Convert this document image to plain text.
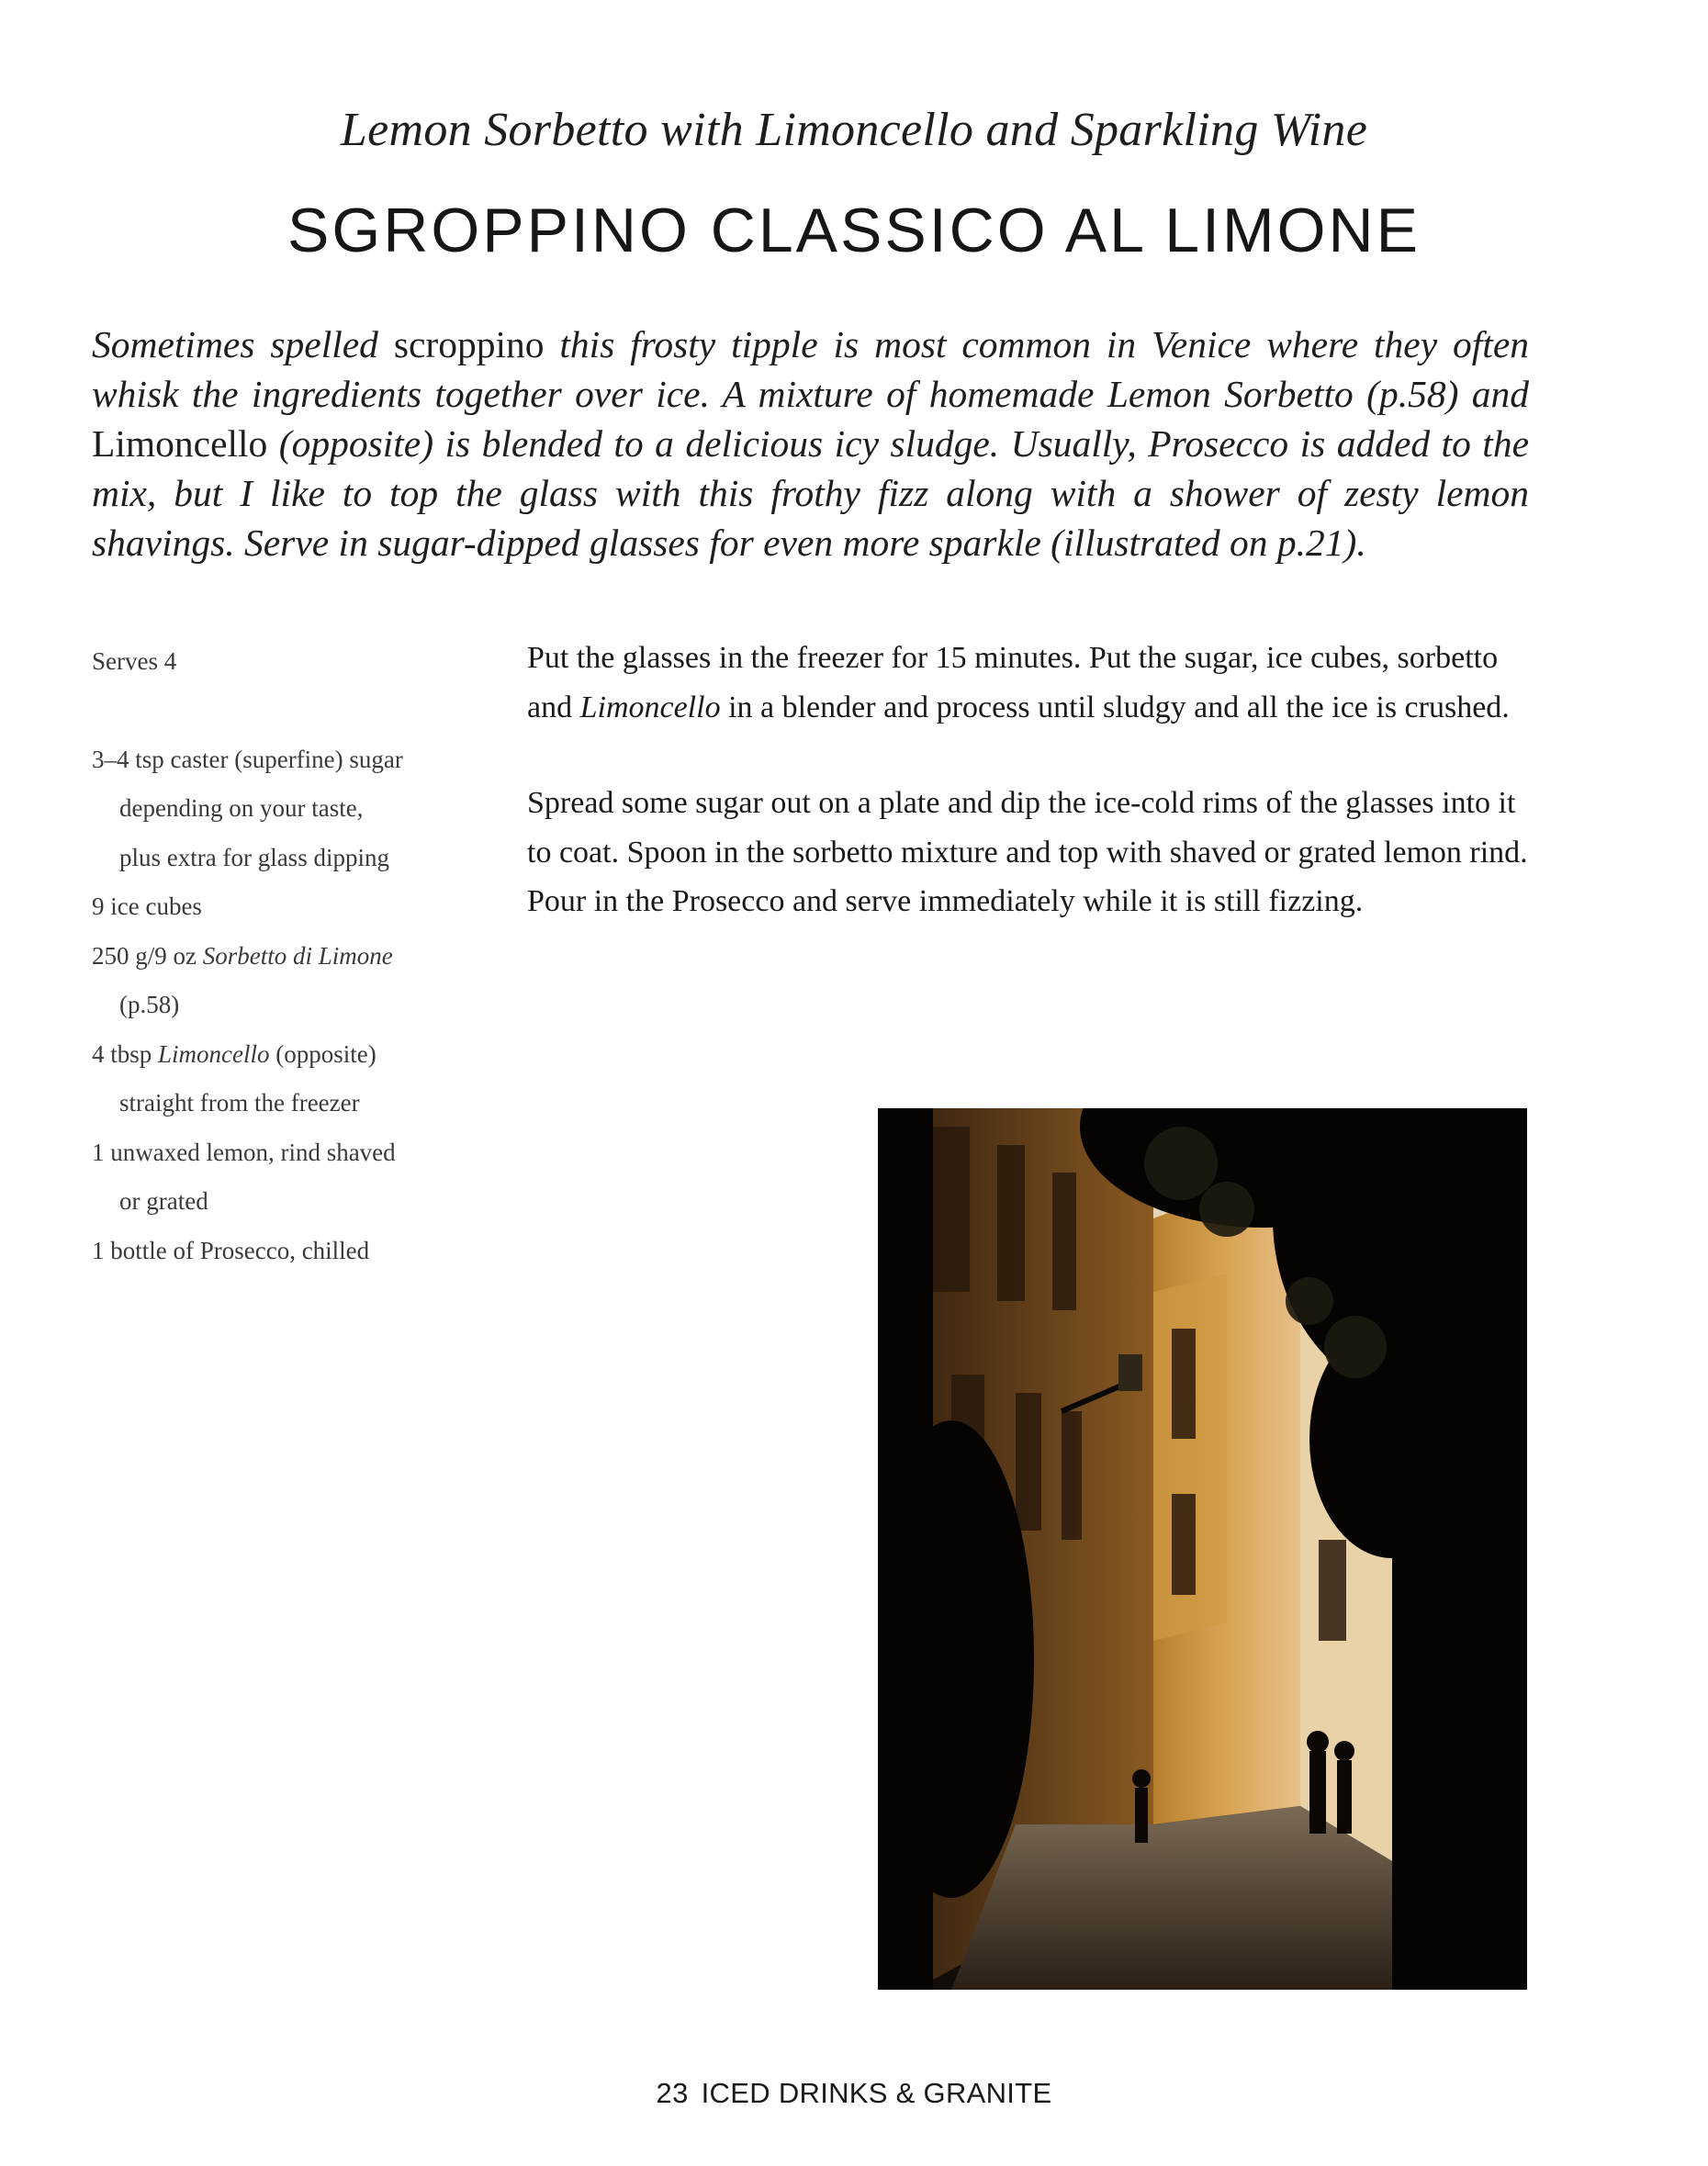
Lemon Sorbetto with Limoncello and Sparkling Wine
SGROPPINO CLASSICO AL LIMONE
Sometimes spelled scroppino this frosty tipple is most common in Venice where they often whisk the ingredients together over ice. A mixture of homemade Lemon Sorbetto (p.58) and Limoncello (opposite) is blended to a delicious icy sludge. Usually, Prosecco is added to the mix, but I like to top the glass with this frothy fizz along with a shower of zesty lemon shavings. Serve in sugar-dipped glasses for even more sparkle (illustrated on p.21).
Serves 4
3–4 tsp caster (superfine) sugar
depending on your taste,
plus extra for glass dipping
9 ice cubes
250 g/9 oz Sorbetto di Limone
(p.58)
4 tbsp Limoncello (opposite)
straight from the freezer
1 unwaxed lemon, rind shaved
or grated
1 bottle of Prosecco, chilled

Put the glasses in the freezer for 15 minutes. Put the sugar, ice cubes, sorbetto and Limoncello in a blender and process until sludgy and all the ice is crushed.

Spread some sugar out on a plate and dip the ice-cold rims of the glasses into it to coat. Spoon in the sorbetto mixture and top with shaved or grated lemon rind. Pour in the Prosecco and serve immediately while it is still fizzing.

23 ICED DRINKS & GRANITE
